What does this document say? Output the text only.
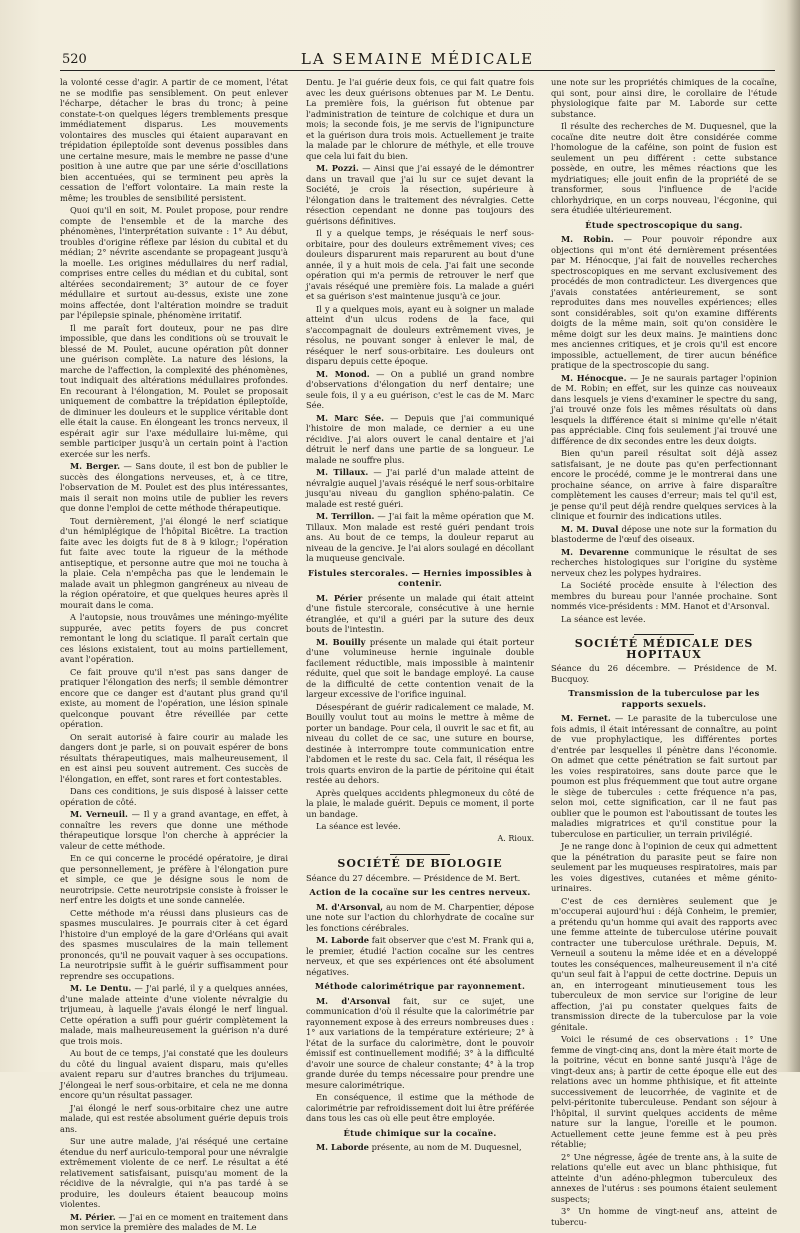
520	LA SEMAINE MÉDICALE

la volonté cesse d'agir. A partir de ce moment, l'état ne se modifie pas sensiblement. On peut enlever l'écharpe, détacher le bras du tronc; à peine constate-t-on quelques légers tremblements presque immédiatement disparus. Les mouvements volontaires des muscles qui étaient auparavant en trépidation épileptoïde sont devenus possibles dans une certaine mesure, mais le membre ne passe d'une position à une autre que par une série d'oscillations bien accentuées, qui se terminent peu après la cessation de l'effort volontaire. La main reste la même; les troubles de sensibilité persistent.

Quoi qu'il en soit, M. Poulet propose, pour rendre compte de l'ensemble et de la marche des phénomènes, l'interprétation suivante : 1° Au début, troubles d'origine réflexe par lésion du cubital et du médian; 2° névrite ascendante se propageant jusqu'à la moelle. Les origines médullaires du nerf radial, comprises entre celles du médian et du cubital, sont altérées secondairement; 3° autour de ce foyer médullaire et surtout au-dessus, existe une zone moins affectée, dont l'altération moindre se traduit par l'épilepsie spinale, phénomène irritatif.

Il me paraît fort douteux, pour ne pas dire impossible, que dans les conditions où se trouvait le blessé de M. Poulet, aucune opération pût donner une guérison complète. La nature des lésions, la marche de l'affection, la complexité des phénomènes, tout indiquait des altérations médullaires profondes. En recourant à l'élongation, M. Poulet se proposait uniquement de combattre la trépidation épileptoïde, de diminuer les douleurs et le supplice véritable dont elle était la cause. En élongeant les troncs nerveux, il espérait agir sur l'axe médullaire lui-même, qui semble participer jusqu'à un certain point à l'action exercée sur les nerfs.

M. Berger. — Sans doute, il est bon de publier le succès des élongations nerveuses, et, à ce titre, l'observation de M. Poulet est des plus intéressantes, mais il serait non moins utile de publier les revers que donne l'emploi de cette méthode thérapeutique.

Tout dernièrement, j'ai élongé le nerf sciatique d'un hémiplégique de l'hôpital Bicêtre. La traction faite avec les doigts fut de 8 à 9 kilogr.; l'opération fut faite avec toute la rigueur de la méthode antiseptique, et personne autre que moi ne toucha à la plaie. Cela n'empêcha pas que le lendemain le malade avait un phlegmon gangréneux au niveau de la région opératoire, et que quelques heures après il mourait dans le coma.

A l'autopsie, nous trouvâmes une méningo-myélite suppurée, avec petits foyers de pus concret remontant le long du sciatique. Il paraît certain que ces lésions existaient, tout au moins partiellement, avant l'opération.

Ce fait prouve qu'il n'est pas sans danger de pratiquer l'élongation des nerfs; il semble démontrer encore que ce danger est d'autant plus grand qu'il existe, au moment de l'opération, une lésion spinale quelconque pouvant être réveillée par cette opération.

On serait autorisé à faire courir au malade les dangers dont je parle, si on pouvait espérer de bons résultats thérapeutiques, mais malheureusement, il en est ainsi peu souvent autrement. Ces succès de l'élongation, en effet, sont rares et fort contestables.

Dans ces conditions, je suis disposé à laisser cette opération de côté.

M. Verneuil. — Il y a grand avantage, en effet, à connaître les revers que donne une méthode thérapeutique lorsque l'on cherche à apprécier la valeur de cette méthode.

En ce qui concerne le procédé opératoire, je dirai que personnellement, je préfère à l'élongation pure et simple, ce que je désigne sous le nom de neurotripsie. Cette neurotripsie consiste à froisser le nerf entre les doigts et une sonde cannelée.

Cette méthode m'a réussi dans plusieurs cas de spasmes musculaires. Je pourrais citer à cet égard l'histoire d'un employé de la gare d'Orléans qui avait des spasmes musculaires de la main tellement prononcés, qu'il ne pouvait vaquer à ses occupations. La neurotripsie suffit à le guérir suffisamment pour reprendre ses occupations.

M. Le Dentu. — J'ai parlé, il y a quelques années, d'une malade atteinte d'une violente névralgie du trijumeau, à laquelle j'avais élongé le nerf lingual. Cette opération a suffi pour guérir complètement la malade, mais malheureusement la guérison n'a duré que trois mois.

Au bout de ce temps, j'ai constaté que les douleurs du côté du lingual avaient disparu, mais qu'elles avaient reparu sur d'autres branches du trijumeau. J'élongeai le nerf sous-orbitaire, et cela ne me donna encore qu'un résultat passager.

J'ai élongé le nerf sous-orbitaire chez une autre malade, qui est restée absolument guérie depuis trois ans.

Sur une autre malade, j'ai réséqué une certaine étendue du nerf auriculo-temporal pour une névralgie extrêmement violente de ce nerf. Le résultat a été relativement satisfaisant, puisqu'au moment de la récidive de la névralgie, qui n'a pas tardé à se produire, les douleurs étaient beaucoup moins violentes.

M. Périer. — J'ai en ce moment en traitement dans mon service la première des malades de M. Le

Dentu. Je l'ai guérie deux fois, ce qui fait quatre fois avec les deux guérisons obtenues par M. Le Dentu. La première fois, la guérison fut obtenue par l'administration de teinture de colchique et dura un mois; la seconde fois, je me servis de l'ignipuncture et la guérison dura trois mois. Actuellement je traite la malade par le chlorure de méthyle, et elle trouve que cela lui fait du bien.

M. Pozzi. — Ainsi que j'ai essayé de le démontrer dans un travail que j'ai lu sur ce sujet devant la Société, je crois la résection, supérieure à l'élongation dans le traitement des névralgies. Cette résection cependant ne donne pas toujours des guérisons définitives.

Il y a quelque temps, je réséquais le nerf sous-orbitaire, pour des douleurs extrêmement vives; ces douleurs disparurent mais reparurent au bout d'une année, il y a huit mois de cela. J'ai fait une seconde opération qui m'a permis de retrouver le nerf que j'avais réséqué une première fois. La malade a guéri et sa guérison s'est maintenue jusqu'à ce jour.

Il y a quelques mois, ayant eu à soigner un malade atteint d'un ulcus rodens de la face, qui s'accompagnait de douleurs extrêmement vives, je résolus, ne pouvant songer à enlever le mal, de réséquer le nerf sous-orbitaire. Les douleurs ont disparu depuis cette époque.

M. Monod. — On a publié un grand nombre d'observations d'élongation du nerf dentaire; une seule fois, il y a eu guérison, c'est le cas de M. Marc Sée.

M. Marc Sée. — Depuis que j'ai communiqué l'histoire de mon malade, ce dernier a eu une récidive. J'ai alors ouvert le canal dentaire et j'ai détruit le nerf dans une partie de sa longueur. Le malade ne souffre plus.

M. Tillaux. — J'ai parlé d'un malade atteint de névralgie auquel j'avais réséqué le nerf sous-orbitaire jusqu'au niveau du ganglion sphéno-palatin. Ce malade est resté guéri.

M. Terrillon. — J'ai fait la même opération que M. Tillaux. Mon malade est resté guéri pendant trois ans. Au bout de ce temps, la douleur reparut au niveau de la gencive. Je l'ai alors soulagé en décollant la muqueuse gencivale.

Fistules stercorales. — Hernies impossibles à contenir.

M. Périer présente un malade qui était atteint d'une fistule stercorale, consécutive à une hernie étranglée, et qu'il a guéri par la suture des deux bouts de l'intestin.

M. Bouilly présente un malade qui était porteur d'une volumineuse hernie inguinale double facilement réductible, mais impossible à maintenir réduite, quel que soit le bandage employé. La cause de la difficulté de cette contention venait de la largeur excessive de l'orifice inguinal.

Désespérant de guérir radicalement ce malade, M. Bouilly voulut tout au moins le mettre à même de porter un bandage. Pour cela, il ouvrit le sac et fit, au niveau du collet de ce sac, une suture en bourse, destinée à interrompre toute communication entre l'abdomen et le reste du sac. Cela fait, il réséqua les trois quarts environ de la partie de péritoine qui était restée au dehors.

Après quelques accidents phlegmoneux du côté de la plaie, le malade guérit. Depuis ce moment, il porte un bandage.

La séance est levée.

A. Rioux.
SOCIÉTÉ DE BIOLOGIE

Séance du 27 décembre. — Présidence de M. Bert.

Action de la cocaïne sur les centres nerveux.

M. d'Arsonval, au nom de M. Charpentier, dépose une note sur l'action du chlorhydrate de cocaïne sur les fonctions cérébrales.

M. Laborde fait observer que c'est M. Frank qui a, le premier, étudié l'action cocaïne sur les centres nerveux, et que ses expériences ont été absolument négatives.

Méthode calorimétrique par rayonnement.

M. d'Arsonval fait, sur ce sujet, une communication d'où il résulte que la calorimétrie par rayonnement expose à des erreurs nombreuses dues : 1° aux variations de la température extérieure; 2° à l'état de la surface du calorimètre, dont le pouvoir émissif est continuellement modifié; 3° à la difficulté d'avoir une source de chaleur constante; 4° à la trop grande durée du temps nécessaire pour prendre une mesure calorimétrique.

En conséquence, il estime que la méthode de calorimétrie par refroidissement doit lui être préférée dans tous les cas où elle peut être employée.

Étude chimique sur la cocaïne.

M. Laborde présente, au nom de M. Duquesnel,

une note sur les propriétés chimiques de la cocaïne, qui sont, pour ainsi dire, le corollaire de l'étude physiologique faite par M. Laborde sur cette substance.

Il résulte des recherches de M. Duquesnel, que la cocaïne dite neutre doit être considérée comme l'homologue de la caféine, son point de fusion est seulement un peu différent : cette substance possède, en outre, les mêmes réactions que les mydriatiques; elle jouit enfin de la propriété de se transformer, sous l'influence de l'acide chlorhydrique, en un corps nouveau, l'écgonine, qui sera étudiée ultérieurement.

Étude spectroscopique du sang.

M. Robin. — Pour pouvoir répondre aux objections qui m'ont été dernièrement présentées par M. Hénocque, j'ai fait de nouvelles recherches spectroscopiques en me servant exclusivement des procédés de mon contradicteur. Les divergences que j'avais constatées antérieurement, se sont reproduites dans mes nouvelles expériences; elles sont considérables, soit qu'on examine différents doigts de la même main, soit qu'on considère le même doigt sur les deux mains. Je maintiens donc mes anciennes critiques, et je crois qu'il est encore impossible, actuellement, de tirer aucun bénéfice pratique de la spectroscopie du sang.

M. Hénocque. — Je ne saurais partager l'opinion de M. Robin; en effet, sur les quinze cas nouveaux dans lesquels je viens d'examiner le spectre du sang, j'ai trouvé onze fois les mêmes résultats où dans lesquels la différence était si minime qu'elle n'était pas appréciable. Cinq fois seulement j'ai trouvé une différence de dix secondes entre les deux doigts.

Bien qu'un pareil résultat soit déjà assez satisfaisant, je ne doute pas qu'en perfectionnant encore le procédé, comme je le montrerai dans une prochaine séance, on arrive à faire disparaître complètement les causes d'erreur; mais tel qu'il est, je pense qu'il peut déjà rendre quelques services à la clinique et fournir des indications utiles.

M. M. Duval dépose une note sur la formation du blastoderme de l'œuf des oiseaux.

M. Devarenne communique le résultat de ses recherches histologiques sur l'origine du système nerveux chez les polypes hydraires.

La Société procède ensuite à l'élection des membres du bureau pour l'année prochaine. Sont nommés vice-présidents : MM. Hanot et d'Arsonval.

La séance est levée.

SOCIÉTÉ MÉDICALE DES HOPITAUX

Séance du 26 décembre. — Présidence de M. Bucquoy.

Transmission de la tuberculose par les rapports sexuels.

M. Fernet. — Le parasite de la tuberculose une fois admis, il était intéressant de connaître, au point de vue prophylactique, les différentes portes d'entrée par lesquelles il pénètre dans l'économie. On admet que cette pénétration se fait surtout par les voies respiratoires, sans doute parce que le poumon est plus fréquemment que tout autre organe le siège de tubercules : cette fréquence n'a pas, selon moi, cette signification, car il ne faut pas oublier que le poumon est l'aboutissant de toutes les maladies migratrices et qu'il constitue pour la tuberculose en particulier, un terrain privilégié.

Je ne range donc à l'opinion de ceux qui admettent que la pénétration du parasite peut se faire non seulement par les muqueuses respiratoires, mais par les voies digestives, cutanées et même génito-urinaires.

C'est de ces dernières seulement que je m'occuperai aujourd'hui : déjà Conheim, le premier, a prétendu qu'un homme qui avait des rapports avec une femme atteinte de tuberculose utérine pouvait contracter une tuberculose uréthrale. Depuis, M. Verneuil a soutenu la même idée et en a développé toutes les conséquences, malheureusement il n'a cité qu'un seul fait à l'appui de cette doctrine. Depuis un an, en interrogeant minutieusement tous les tuberculeux de mon service sur l'origine de leur affection, j'ai pu constater quelques faits de transmission directe de la tuberculose par la voie génitale.

Voici le résumé de ces observations : 1° Une femme de vingt-cinq ans, dont la mère était morte de la poitrine, vécut en bonne santé jusqu'à l'âge de vingt-deux ans; à partir de cette époque elle eut des relations avec un homme phthisique, et fit atteinte successivement de leucorrhée, de vaginite et de pelvi-péritonite tuberculeuse. Pendant son séjour à l'hôpital, il survint quelques accidents de même nature sur la langue, l'oreille et le poumon. Actuellement cette jeune femme est à peu près rétablie;

2° Une négresse, âgée de trente ans, à la suite de relations qu'elle eut avec un blanc phthisique, fut atteinte d'un adéno-phlegmon tuberculeux des annexes de l'utérus : ses poumons étaient seulement suspects;

3° Un homme de vingt-neuf ans, atteint de tubercu-
